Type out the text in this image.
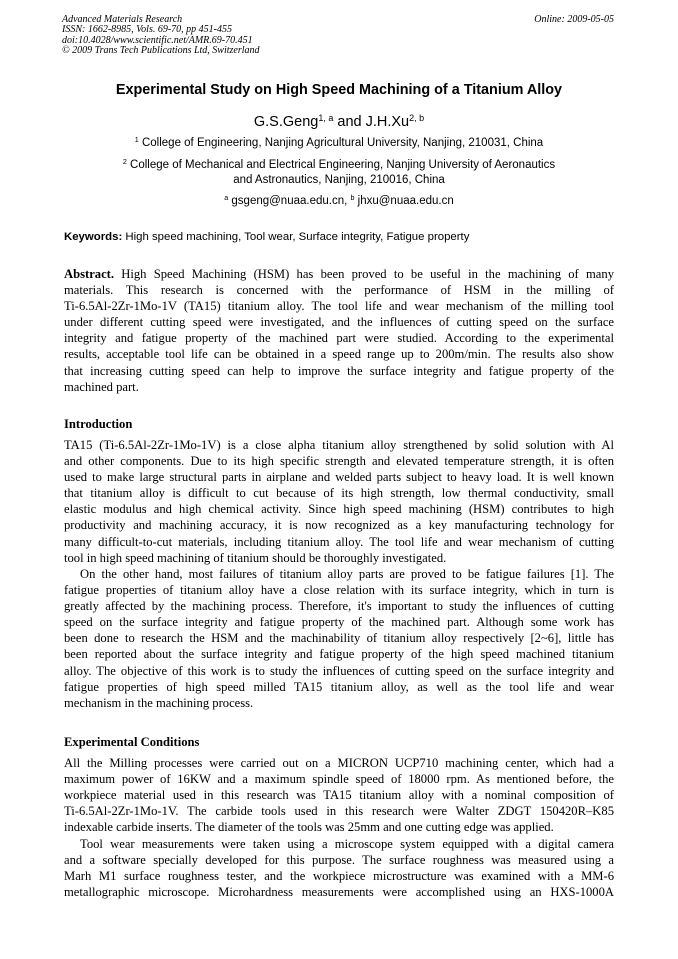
Advanced Materials Research
ISSN: 1662-8985, Vols. 69-70, pp 451-455
doi:10.4028/www.scientific.net/AMR.69-70.451
© 2009 Trans Tech Publications Ltd, Switzerland
Online: 2009-05-05
Experimental Study on High Speed Machining of a Titanium Alloy
G.S.Geng$^{1, a}$ and J.H.Xu$^{2, b}$
$^1$ College of Engineering, Nanjing Agricultural University, Nanjing, 210031, China
$^2$ College of Mechanical and Electrical Engineering, Nanjing University of Aeronautics
and Astronautics, Nanjing, 210016, China
$^a$ gsgeng@nuaa.edu.cn, $^b$ jhxu@nuaa.edu.cn
Keywords: High speed machining, Tool wear, Surface integrity, Fatigue property
Abstract. High Speed Machining (HSM) has been proved to be useful in the machining of many
materials. This research is concerned with the performance of HSM in the milling of
Ti-6.5Al-2Zr-1Mo-1V (TA15) titanium alloy. The tool life and wear mechanism of the milling tool
under different cutting speed were investigated, and the influences of cutting speed on the surface
integrity and fatigue property of the machined part were studied. According to the experimental
results, acceptable tool life can be obtained in a speed range up to 200m/min. The results also show
that increasing cutting speed can help to improve the surface integrity and fatigue property of the
machined part.
Introduction
TA15 (Ti-6.5Al-2Zr-1Mo-1V) is a close alpha titanium alloy strengthened by solid solution with Al
and other components. Due to its high specific strength and elevated temperature strength, it is often
used to make large structural parts in airplane and welded parts subject to heavy load. It is well known
that titanium alloy is difficult to cut because of its high strength, low thermal conductivity, small
elastic modulus and high chemical activity. Since high speed machining (HSM) contributes to high
productivity and machining accuracy, it is now recognized as a key manufacturing technology for
many difficult-to-cut materials, including titanium alloy. The tool life and wear mechanism of cutting
tool in high speed machining of titanium should be thoroughly investigated.
On the other hand, most failures of titanium alloy parts are proved to be fatigue failures [1]. The
fatigue properties of titanium alloy have a close relation with its surface integrity, which in turn is
greatly affected by the machining process. Therefore, it's important to study the influences of cutting
speed on the surface integrity and fatigue property of the machined part. Although some work has
been done to research the HSM and the machinability of titanium alloy respectively [2~6], little has
been reported about the surface integrity and fatigue property of the high speed machined titanium
alloy. The objective of this work is to study the influences of cutting speed on the surface integrity and
fatigue properties of high speed milled TA15 titanium alloy, as well as the tool life and wear
mechanism in the machining process.
Experimental Conditions
All the Milling processes were carried out on a MICRON UCP710 machining center, which had a
maximum power of 16KW and a maximum spindle speed of 18000 rpm. As mentioned before, the
workpiece material used in this research was TA15 titanium alloy with a nominal composition of
Ti-6.5Al-2Zr-1Mo-1V. The carbide tools used in this research were Walter ZDGT 150420R–K85
indexable carbide inserts. The diameter of the tools was 25mm and one cutting edge was applied.
Tool wear measurements were taken using a microscope system equipped with a digital camera
and a software specially developed for this purpose. The surface roughness was measured using a
Marh M1 surface roughness tester, and the workpiece microstructure was examined with a MM-6
metallographic microscope. Microhardness measurements were accomplished using an HXS-1000A
